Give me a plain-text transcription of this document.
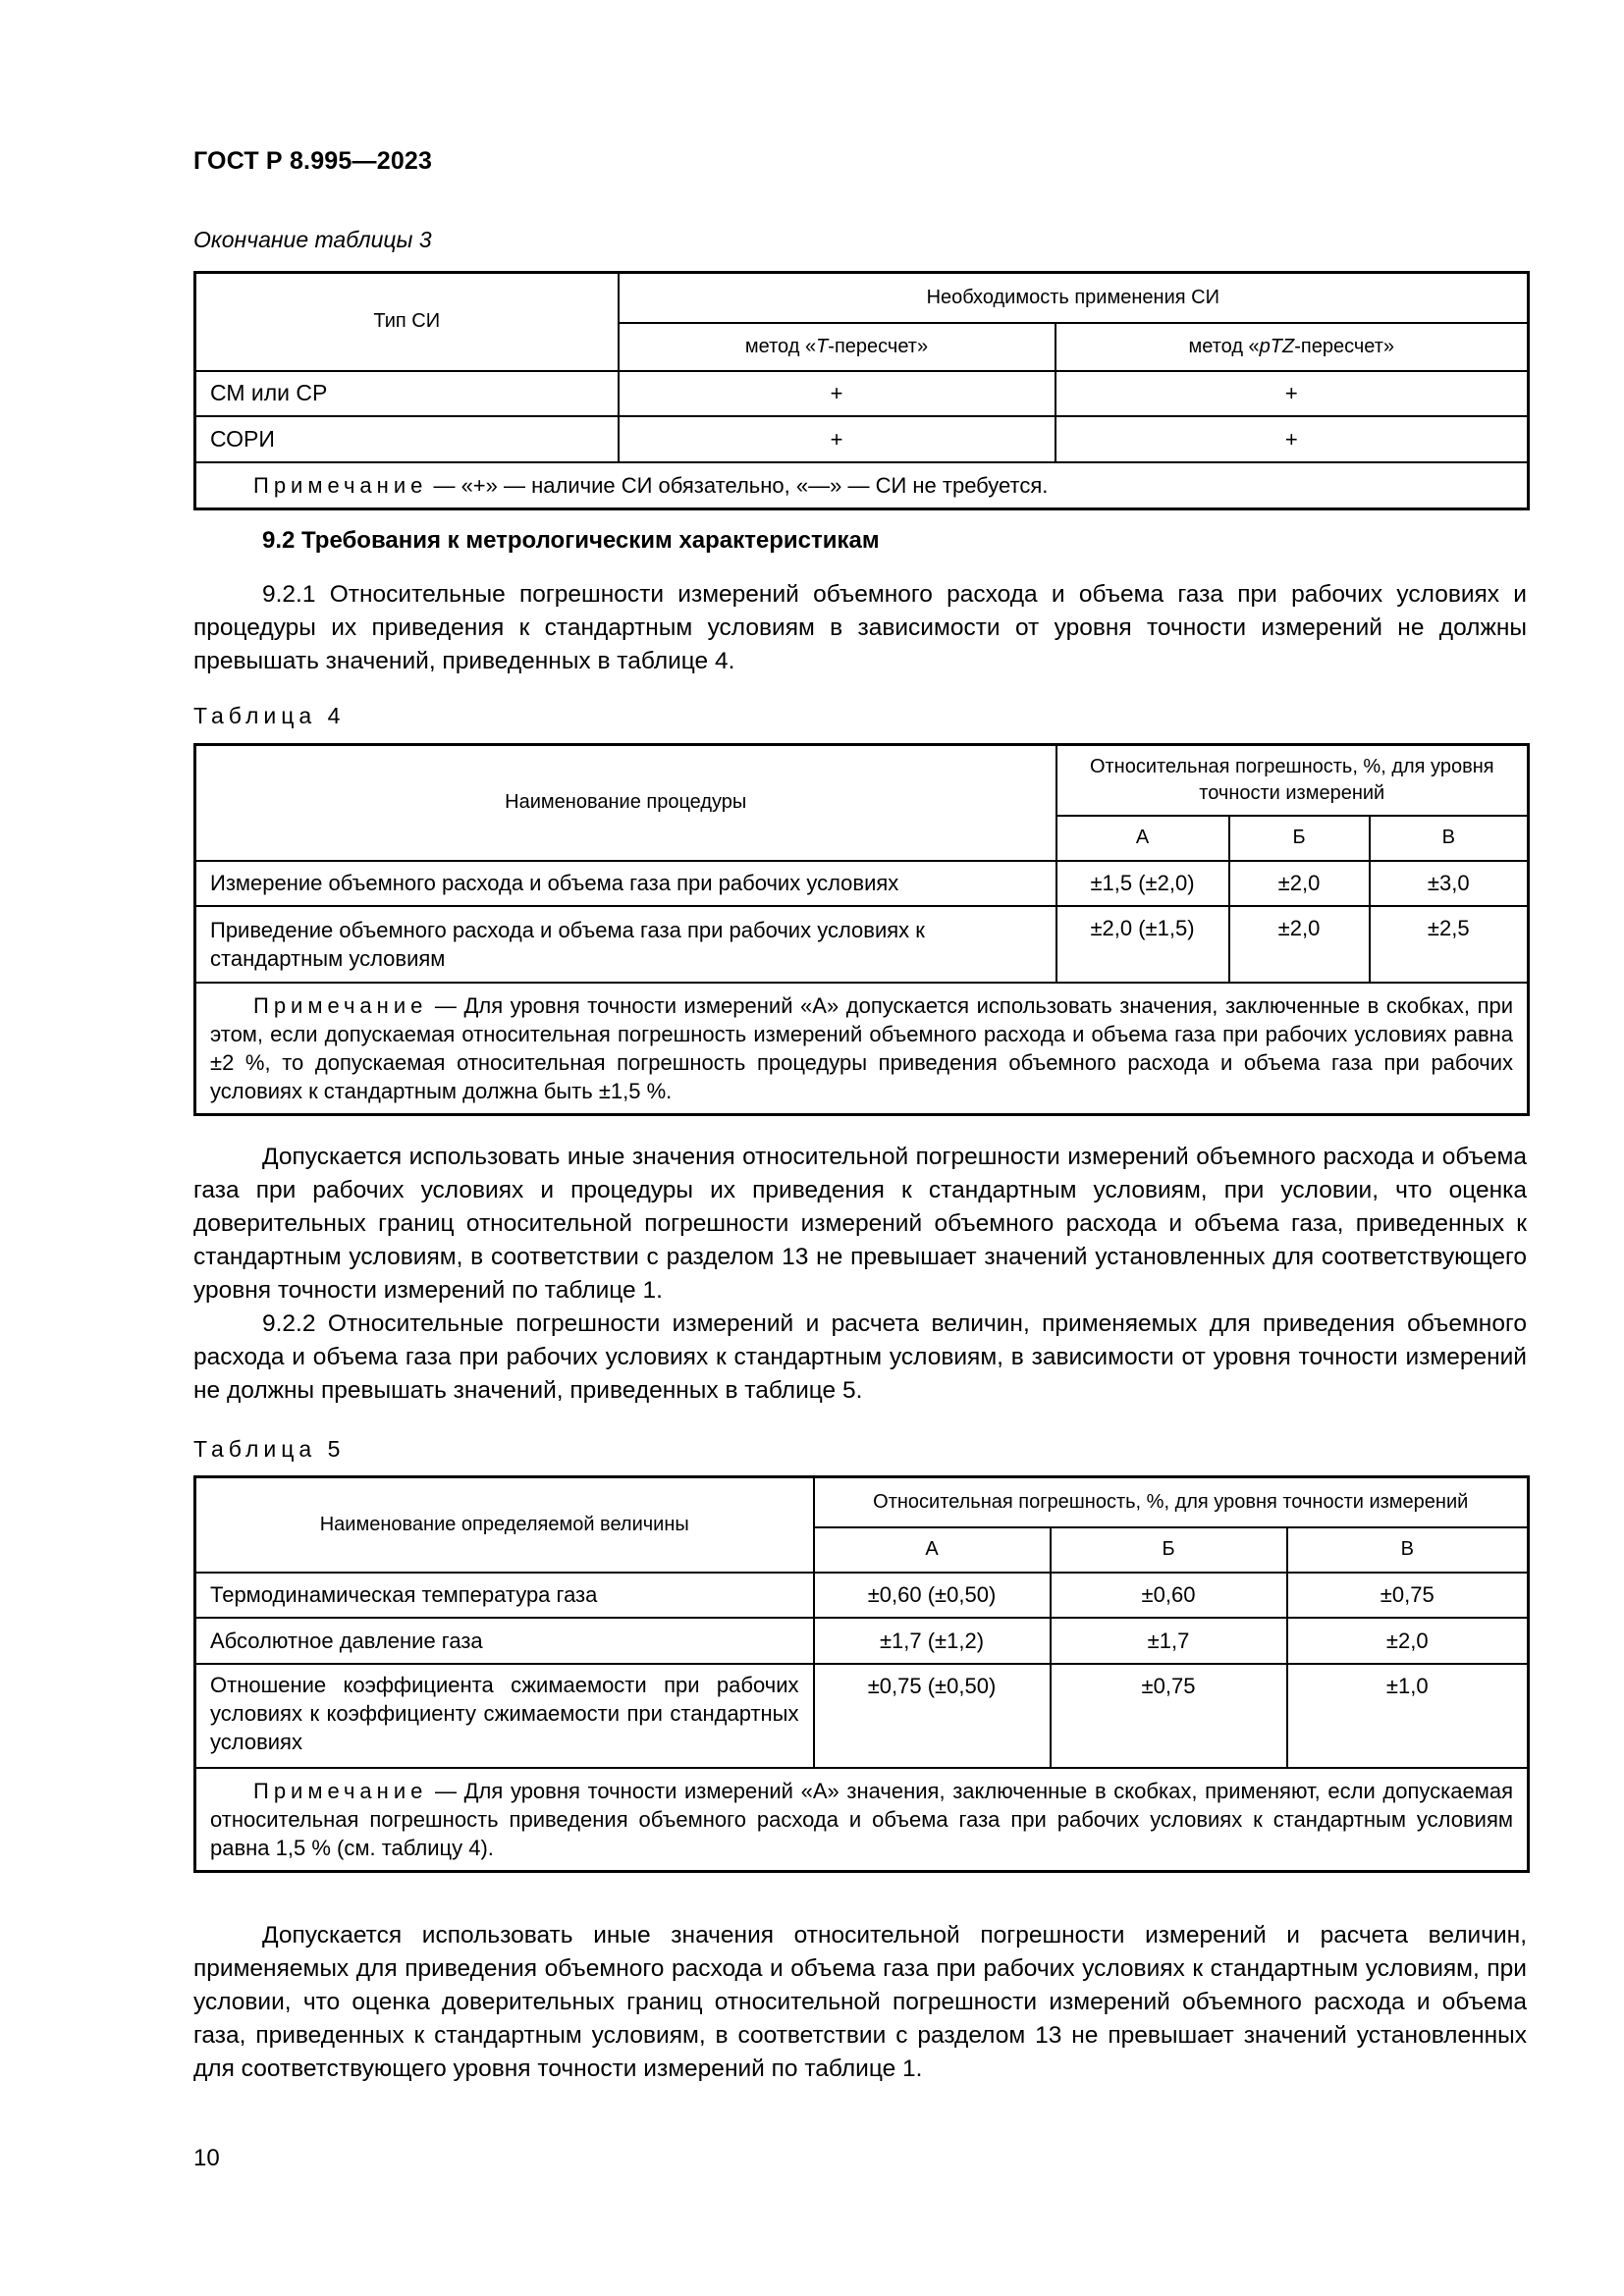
ГОСТ Р 8.995—2023
Окончание таблицы 3
Тип СИ	Необходимость применения СИ	
	метод «T-пересчет»	метод «pTZ-пересчет»
СМ или СР	+	+
СОРИ	+	+
Примечание — «+» — наличие СИ обязательно, «—» — СИ не требуется.		
9.2 Требования к метрологическим характеристикам

9.2.1 Относительные погрешности измерений объемного расхода и объема газа при рабочих условиях и процедуры их приведения к стандартным условиям в зависимости от уровня точности измерений не должны превышать значений, приведенных в таблице 4.

Таблица 4
Наименование процедуры	Относительная погрешность, %, для уровня точности измерений		
	А	Б	В
Измерение объемного расхода и объема газа при рабочих условиях	±1,5 (±2,0)	±2,0	±3,0
Приведение объемного расхода и объема газа при рабочих условиях к стандартным условиям	±2,0 (±1,5)	±2,0	±2,5
Примечание — Для уровня точности измерений «А» допускается использовать значения, заключенные в скобках, при этом, если допускаемая относительная погрешность измерений объемного расхода и объема газа при рабочих условиях равна ±2 %, то допускаемая относительная погрешность процедуры приведения объемного расхода и объема газа при рабочих условиях к стандартным должна быть ±1,5 %.			

Допускается использовать иные значения относительной погрешности измерений объемного расхода и объема газа при рабочих условиях и процедуры их приведения к стандартным условиям, при условии, что оценка доверительных границ относительной погрешности измерений объемного расхода и объема газа, приведенных к стандартным условиям, в соответствии с разделом 13 не превышает значений установленных для соответствующего уровня точности измерений по таблице 1.

9.2.2 Относительные погрешности измерений и расчета величин, применяемых для приведения объемного расхода и объема газа при рабочих условиях к стандартным условиям, в зависимости от уровня точности измерений не должны превышать значений, приведенных в таблице 5.

Таблица 5
Наименование определяемой величины	Относительная погрешность, %, для уровня точности измерений		
	А	Б	В
Термодинамическая температура газа	±0,60 (±0,50)	±0,60	±0,75
Абсолютное давление газа	±1,7 (±1,2)	±1,7	±2,0
Отношение коэффициента сжимаемости при рабочих условиях к коэффициенту сжимаемости при стандартных условиях	±0,75 (±0,50)	±0,75	±1,0
Примечание — Для уровня точности измерений «А» значения, заключенные в скобках, применяют, если допускаемая относительная погрешность приведения объемного расхода и объема газа при рабочих условиях к стандартным условиям равна 1,5 % (см. таблицу 4).			

Допускается использовать иные значения относительной погрешности измерений и расчета величин, применяемых для приведения объемного расхода и объема газа при рабочих условиях к стандартным условиям, при условии, что оценка доверительных границ относительной погрешности измерений объемного расхода и объема газа, приведенных к стандартным условиям, в соответствии с разделом 13 не превышает значений установленных для соответствующего уровня точности измерений по таблице 1.

10
